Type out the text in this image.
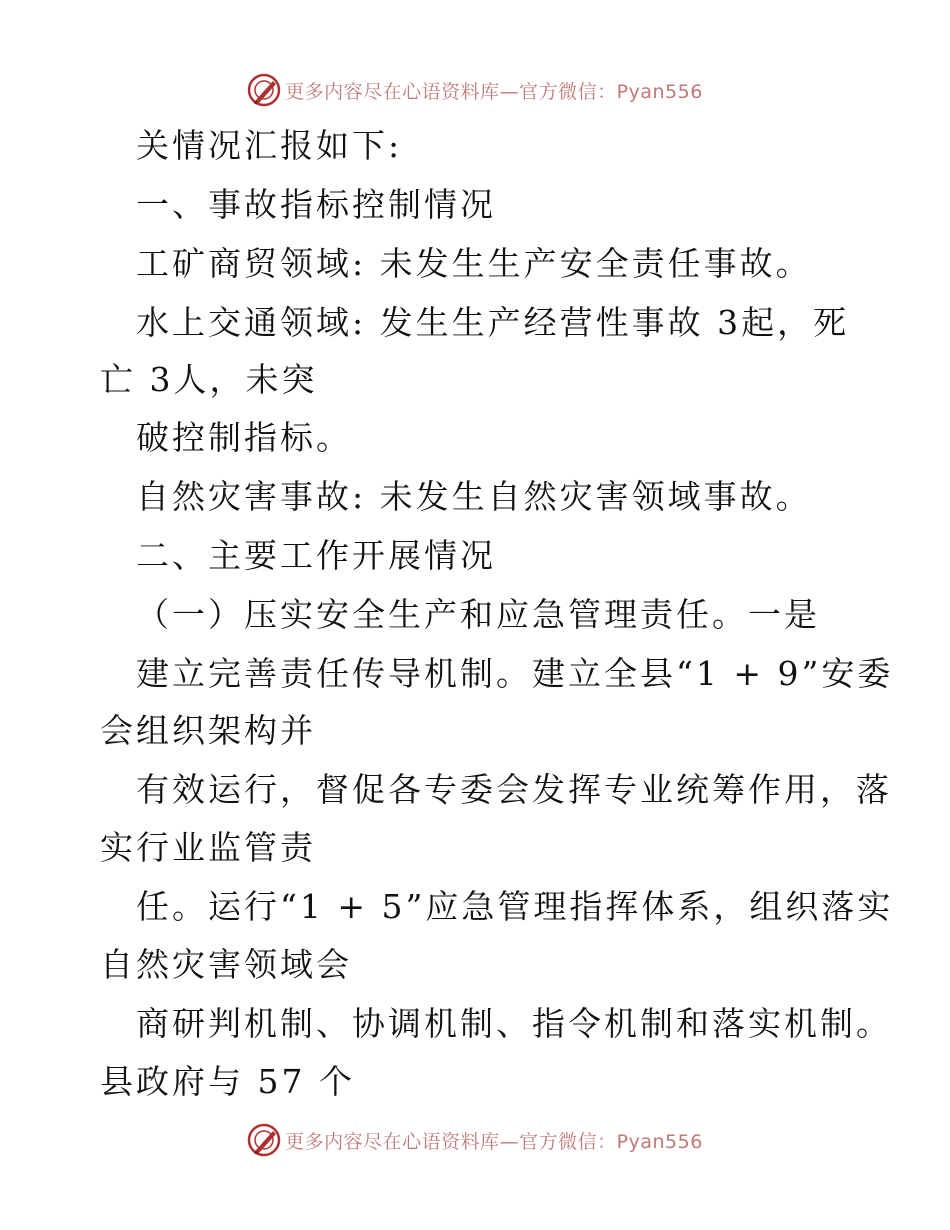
更多内容尽在心语资料库—官方微信：Pyan556
关情况汇报如下:
一、事故指标控制情况
工矿商贸领域: 未发生生产安全责任事故。
水上交通领域: 发生生产经营性事故 3起，死
亡 3人，未突
破控制指标。
自然灾害事故: 未发生自然灾害领域事故。
二、主要工作开展情况
（一）压实安全生产和应急管理责任。一是
建立完善责任传导机制。建立全县“1 + 9”安委
会组织架构并
有效运行，督促各专委会发挥专业统筹作用，落
实行业监管责
任。运行“1 + 5”应急管理指挥体系，组织落实
自然灾害领域会
商研判机制、协调机制、指令机制和落实机制。
县政府与 57 个
更多内容尽在心语资料库—官方微信：Pyan556
